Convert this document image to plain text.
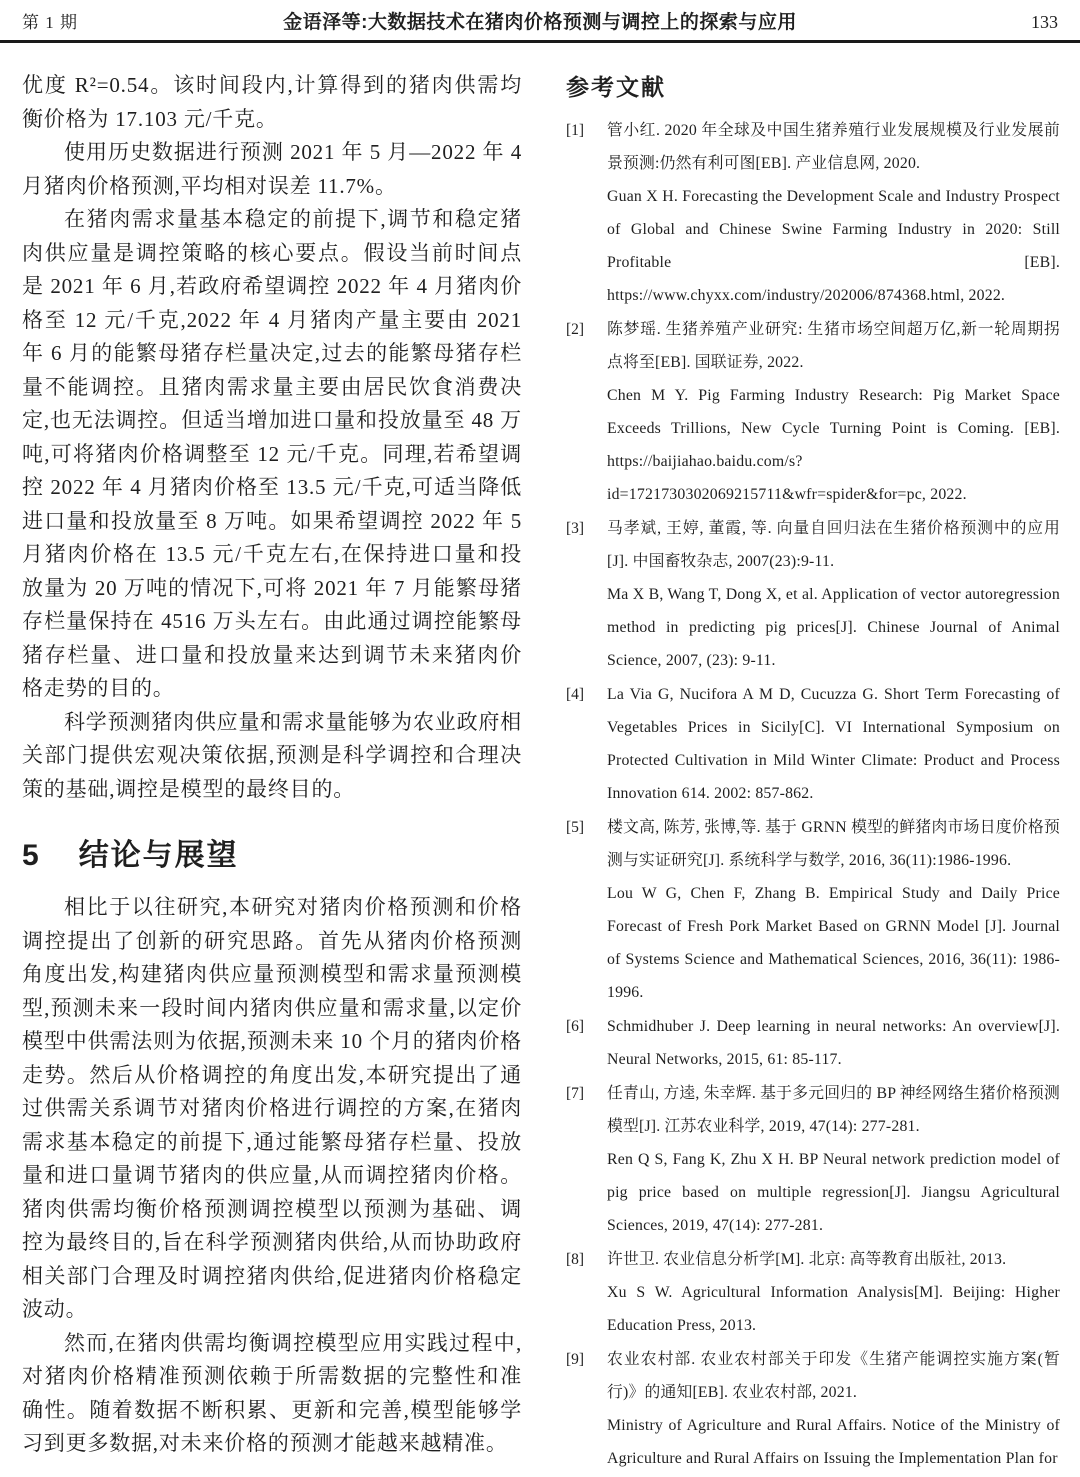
第 1 期	金语泽等:大数据技术在猪肉价格预测与调控上的探索与应用	133

优度 R²=0.54。该时间段内,计算得到的猪肉供需均衡价格为 17.103 元/千克。

使用历史数据进行预测 2021 年 5 月—2022 年 4 月猪肉价格预测,平均相对误差 11.7%。

在猪肉需求量基本稳定的前提下,调节和稳定猪肉供应量是调控策略的核心要点。假设当前时间点是 2021 年 6 月,若政府希望调控 2022 年 4 月猪肉价格至 12 元/千克,2022 年 4 月猪肉产量主要由 2021 年 6 月的能繁母猪存栏量决定,过去的能繁母猪存栏量不能调控。且猪肉需求量主要由居民饮食消费决定,也无法调控。但适当增加进口量和投放量至 48 万吨,可将猪肉价格调整至 12 元/千克。同理,若希望调控 2022 年 4 月猪肉价格至 13.5 元/千克,可适当降低进口量和投放量至 8 万吨。如果希望调控 2022 年 5 月猪肉价格在 13.5 元/千克左右,在保持进口量和投放量为 20 万吨的情况下,可将 2021 年 7 月能繁母猪存栏量保持在 4516 万头左右。由此通过调控能繁母猪存栏量、进口量和投放量来达到调节未来猪肉价格走势的目的。

科学预测猪肉供应量和需求量能够为农业政府相关部门提供宏观决策依据,预测是科学调控和合理决策的基础,调控是模型的最终目的。

5 结论与展望

相比于以往研究,本研究对猪肉价格预测和价格调控提出了创新的研究思路。首先从猪肉价格预测角度出发,构建猪肉供应量预测模型和需求量预测模型,预测未来一段时间内猪肉供应量和需求量,以定价模型中供需法则为依据,预测未来 10 个月的猪肉价格走势。然后从价格调控的角度出发,本研究提出了通过供需关系调节对猪肉价格进行调控的方案,在猪肉需求基本稳定的前提下,通过能繁母猪存栏量、投放量和进口量调节猪肉的供应量,从而调控猪肉价格。猪肉供需均衡价格预测调控模型以预测为基础、调控为最终目的,旨在科学预测猪肉供给,从而协助政府相关部门合理及时调控猪肉供给,促进猪肉价格稳定波动。

然而,在猪肉供需均衡调控模型应用实践过程中,对猪肉价格精准预测依赖于所需数据的完整性和准确性。随着数据不断积累、更新和完善,模型能够学习到更多数据,对未来价格的预测才能越来越精准。

参考文献
[1]	管小红. 2020 年全球及中国生猪养殖行业发展规模及行业发展前景预测:仍然有利可图[EB]. 产业信息网, 2020.

Guan X H. Forecasting the Development Scale and Industry Prospect of Global and Chinese Swine Farming Industry in 2020: Still Profitable [EB]. https://www.chyxx.com/industry/202006/874368.html, 2022.

[2]	陈梦瑶. 生猪养殖产业研究: 生猪市场空间超万亿,新一轮周期拐点将至[EB]. 国联证券, 2022.

Chen M Y. Pig Farming Industry Research: Pig Market Space Exceeds Trillions, New Cycle Turning Point is Coming. [EB]. https://baijiahao.baidu.com/s?id=1721730302069215711&wfr=spider&for=pc, 2022.

[3]	马孝斌, 王婷, 董霞, 等. 向量自回归法在生猪价格预测中的应用[J]. 中国畜牧杂志, 2007(23):9-11.

Ma X B, Wang T, Dong X, et al. Application of vector autoregression method in predicting pig prices[J]. Chinese Journal of Animal Science, 2007, (23): 9-11.

[4]	La Via G, Nucifora A M D, Cucuzza G. Short Term Forecasting of Vegetables Prices in Sicily[C]. VI International Symposium on Protected Cultivation in Mild Winter Climate: Product and Process Innovation 614. 2002: 857-862.

[5]	楼文高, 陈芳, 张博,等. 基于 GRNN 模型的鲜猪肉市场日度价格预测与实证研究[J]. 系统科学与数学, 2016, 36(11):1986-1996.

Lou W G, Chen F, Zhang B. Empirical Study and Daily Price Forecast of Fresh Pork Market Based on GRNN Model [J]. Journal of Systems Science and Mathematical Sciences, 2016, 36(11): 1986-1996.

[6]	Schmidhuber J. Deep learning in neural networks: An overview[J]. Neural Networks, 2015, 61: 85-117.

[7]	任青山, 方逵, 朱幸辉. 基于多元回归的 BP 神经网络生猪价格预测模型[J]. 江苏农业科学, 2019, 47(14): 277-281.

Ren Q S, Fang K, Zhu X H. BP Neural network prediction model of pig price based on multiple regression[J]. Jiangsu Agricultural Sciences, 2019, 47(14): 277-281.

[8]	许世卫. 农业信息分析学[M]. 北京: 高等教育出版社, 2013.

Xu S W. Agricultural Information Analysis[M]. Beijing: Higher Education Press, 2013.

[9]	农业农村部. 农业农村部关于印发《生猪产能调控实施方案(暂行)》的通知[EB]. 农业农村部, 2021.

Ministry of Agriculture and Rural Affairs. Notice of the Ministry of Agriculture and Rural Affairs on Issuing the Implementation Plan for
